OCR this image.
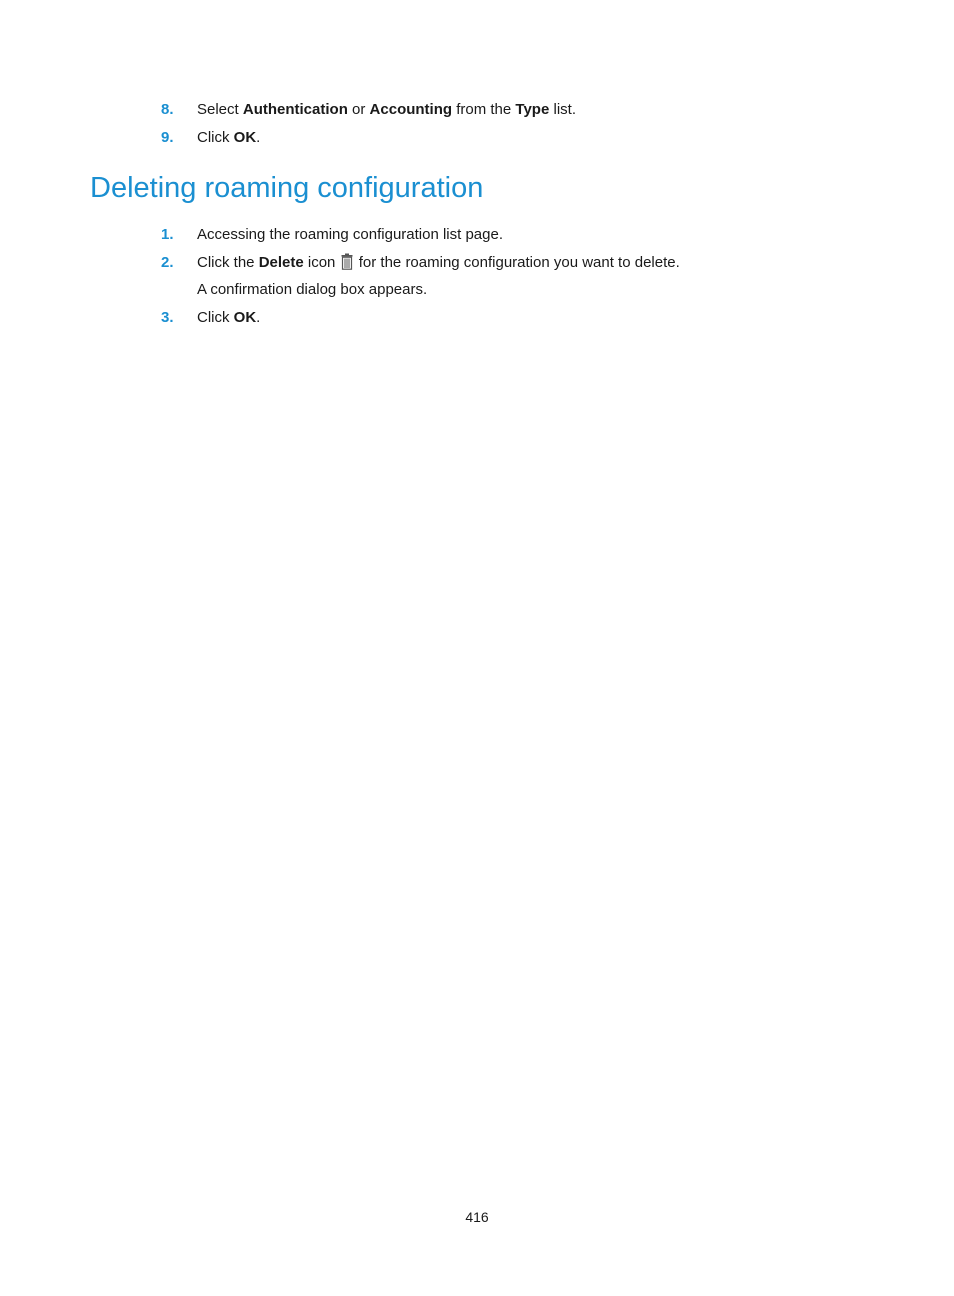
8. Select Authentication or Accounting from the Type list.
9. Click OK.
Deleting roaming configuration
1. Accessing the roaming configuration list page.
2. Click the Delete icon  for the roaming configuration you want to delete.
A confirmation dialog box appears.
3. Click OK.
416
